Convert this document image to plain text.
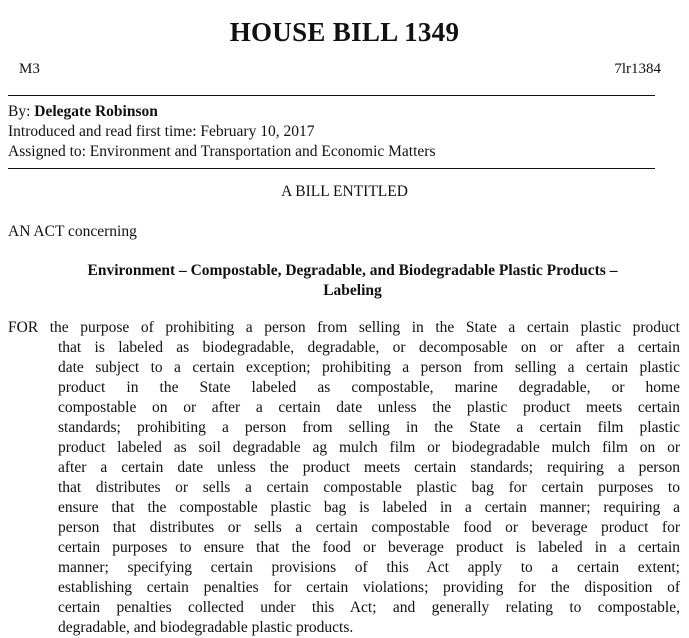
HOUSE BILL 1349
M3	7lr1384
By: Delegate Robinson
Introduced and read first time: February 10, 2017
Assigned to: Environment and Transportation and Economic Matters
A BILL ENTITLED
AN ACT concerning
Environment – Compostable, Degradable, and Biodegradable Plastic Products –
Labeling
FOR the purpose of prohibiting a person from selling in the State a certain plastic product
that is labeled as biodegradable, degradable, or decomposable on or after a certain
date subject to a certain exception; prohibiting a person from selling a certain plastic
product in the State labeled as compostable, marine degradable, or home
compostable on or after a certain date unless the plastic product meets certain
standards; prohibiting a person from selling in the State a certain film plastic
product labeled as soil degradable ag mulch film or biodegradable mulch film on or
after a certain date unless the product meets certain standards; requiring a person
that distributes or sells a certain compostable plastic bag for certain purposes to
ensure that the compostable plastic bag is labeled in a certain manner; requiring a
person that distributes or sells a certain compostable food or beverage product for
certain purposes to ensure that the food or beverage product is labeled in a certain
manner; specifying certain provisions of this Act apply to a certain extent;
establishing certain penalties for certain violations; providing for the disposition of
certain penalties collected under this Act; and generally relating to compostable,
degradable, and biodegradable plastic products.
